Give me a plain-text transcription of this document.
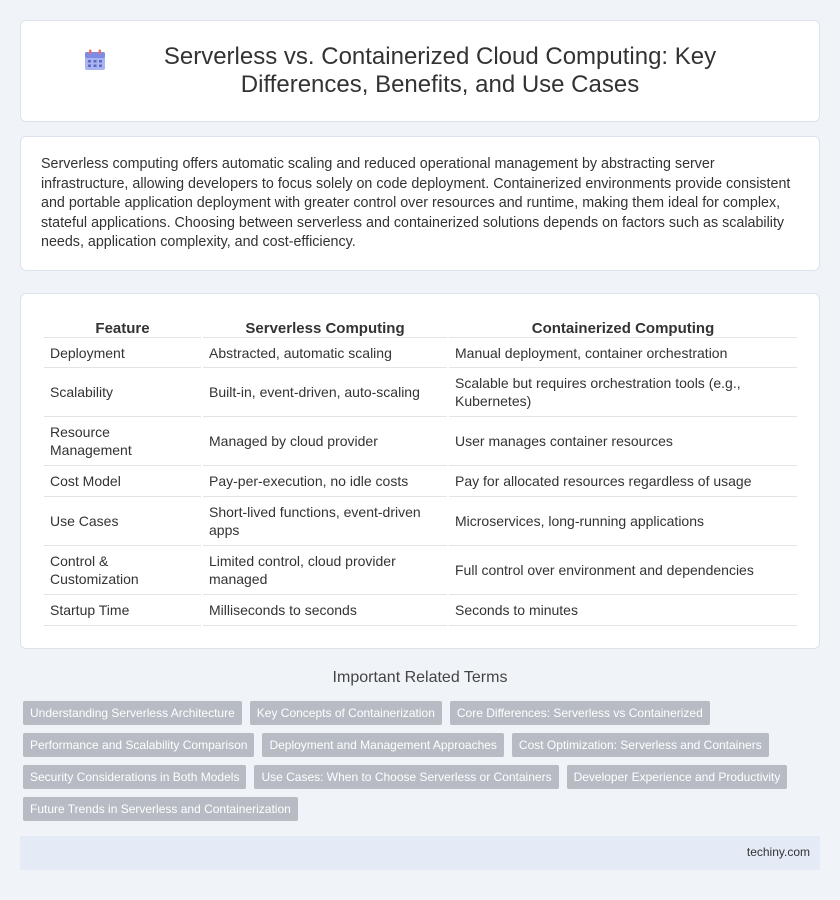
Serverless vs. Containerized Cloud Computing: Key Differences, Benefits, and Use Cases

Serverless computing offers automatic scaling and reduced operational management by abstracting server infrastructure, allowing developers to focus solely on code deployment. Containerized environments provide consistent and portable application deployment with greater control over resources and runtime, making them ideal for complex, stateful applications. Choosing between serverless and containerized solutions depends on factors such as scalability needs, application complexity, and cost-efficiency.

Feature	Serverless Computing	Containerized Computing
Deployment	Abstracted, automatic scaling	Manual deployment, container orchestration
Scalability	Built-in, event-driven, auto-scaling	Scalable but requires orchestration tools (e.g., Kubernetes)
Resource Management	Managed by cloud provider	User manages container resources
Cost Model	Pay-per-execution, no idle costs	Pay for allocated resources regardless of usage
Use Cases	Short-lived functions, event-driven apps	Microservices, long-running applications
Control & Customization	Limited control, cloud provider managed	Full control over environment and dependencies
Startup Time	Milliseconds to seconds	Seconds to minutes
Important Related Terms
Understanding Serverless Architecture	Key Concepts of Containerization	Core Differences: Serverless vs Containerized
Performance and Scalability Comparison	Deployment and Management Approaches	Cost Optimization: Serverless and Containers
Security Considerations in Both Models	Use Cases: When to Choose Serverless or Containers	Developer Experience and Productivity
Future Trends in Serverless and Containerization
techiny.com
